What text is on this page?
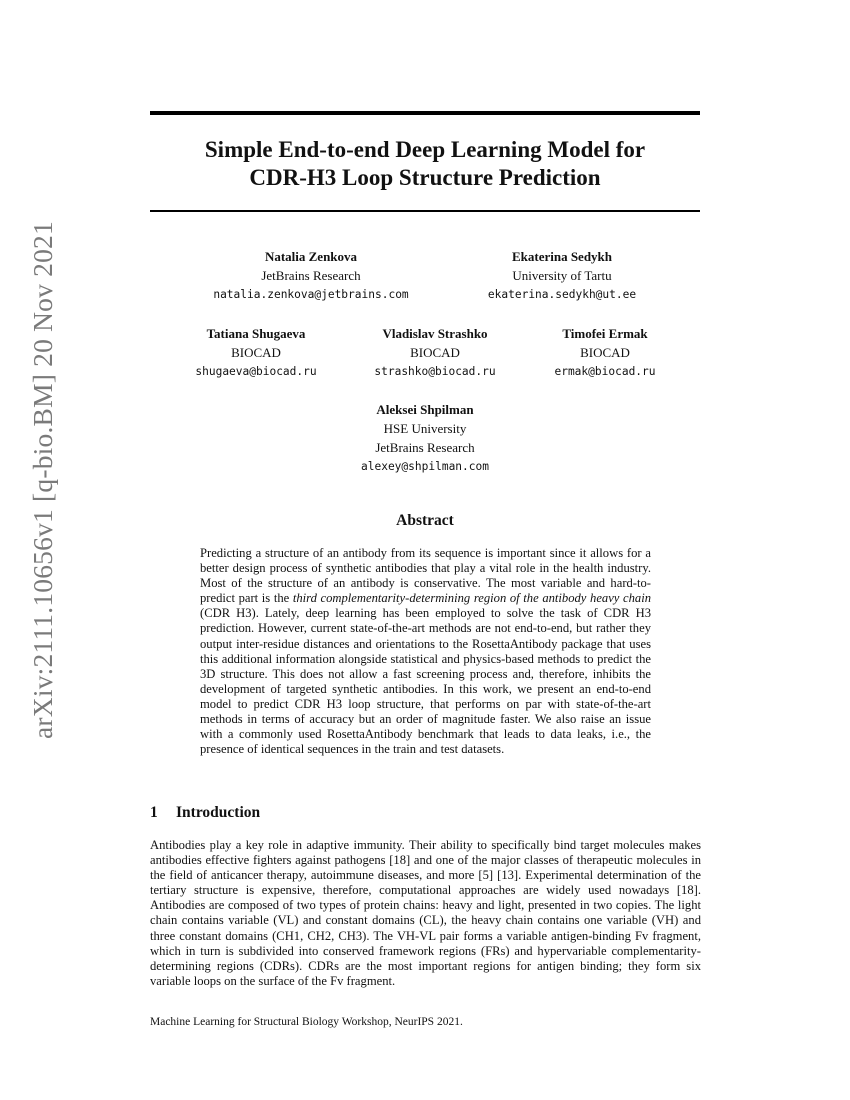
arXiv:2111.10656v1 [q-bio.BM] 20 Nov 2021
Simple End-to-end Deep Learning Model for
CDR-H3 Loop Structure Prediction
Natalia Zenkova
JetBrains Research
natalia.zenkova@jetbrains.com
Ekaterina Sedykh
University of Tartu
ekaterina.sedykh@ut.ee
Tatiana Shugaeva
BIOCAD
shugaeva@biocad.ru
Vladislav Strashko
BIOCAD
strashko@biocad.ru
Timofei Ermak
BIOCAD
ermak@biocad.ru
Aleksei Shpilman
HSE University
JetBrains Research
alexey@shpilman.com
Abstract
Predicting a structure of an antibody from its sequence is important since it allows for a better design process of synthetic antibodies that play a vital role in the health industry. Most of the structure of an antibody is conservative. The most variable and hard-to-predict part is the third complementarity-determining region of the antibody heavy chain (CDR H3). Lately, deep learning has been employed to solve the task of CDR H3 prediction. However, current state-of-the-art methods are not end-to-end, but rather they output inter-residue distances and orientations to the RosettaAntibody package that uses this additional information alongside statistical and physics-based methods to predict the 3D structure. This does not allow a fast screening process and, therefore, inhibits the development of targeted synthetic antibodies. In this work, we present an end-to-end model to predict CDR H3 loop structure, that performs on par with state-of-the-art methods in terms of accuracy but an order of magnitude faster. We also raise an issue with a commonly used RosettaAntibody benchmark that leads to data leaks, i.e., the presence of identical sequences in the train and test datasets.
1 Introduction
Antibodies play a key role in adaptive immunity. Their ability to specifically bind target molecules makes antibodies effective fighters against pathogens [18] and one of the major classes of therapeutic molecules in the field of anticancer therapy, autoimmune diseases, and more [5] [13]. Experimental determination of the tertiary structure is expensive, therefore, computational approaches are widely used nowadays [18]. Antibodies are composed of two types of protein chains: heavy and light, presented in two copies. The light chain contains variable (VL) and constant domains (CL), the heavy chain contains one variable (VH) and three constant domains (CH1, CH2, CH3). The VH-VL pair forms a variable antigen-binding Fv fragment, which in turn is subdivided into conserved framework regions (FRs) and hypervariable complementarity-determining regions (CDRs). CDRs are the most important regions for antigen binding; they form six variable loops on the surface of the Fv fragment.
Machine Learning for Structural Biology Workshop, NeurIPS 2021.
